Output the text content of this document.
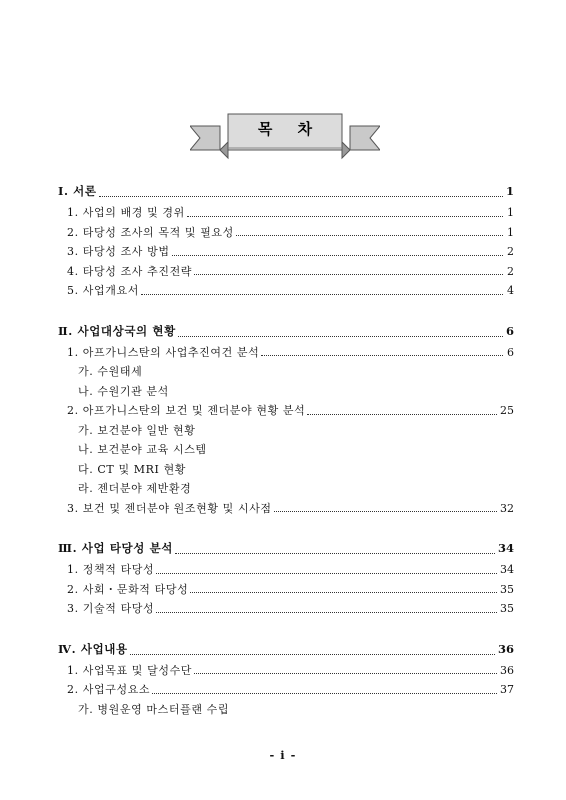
목 차
Ⅰ. 서론	1
1. 사업의 배경 및 경위	1
2. 타당성 조사의 목적 및 필요성	1
3. 타당성 조사 방법	2
4. 타당성 조사 추진전략	2
5. 사업개요서	4
Ⅱ. 사업대상국의 현황	6
1. 아프가니스탄의 사업추진여건 분석	6
가. 수원태세
나. 수원기관 분석
2. 아프가니스탄의 보건 및 젠더분야 현황 분석	25
가. 보건분야 일반 현황
나. 보건분야 교육 시스템
다. CT 및 MRI 현황
라. 젠더분야 제반환경
3. 보건 및 젠더분야 원조현황 및 시사점	32
Ⅲ. 사업 타당성 분석	34
1. 정책적 타당성	34
2. 사회・문화적 타당성	35
3. 기술적 타당성	35
Ⅳ. 사업내용	36
1. 사업목표 및 달성수단	36
2. 사업구성요소	37
가. 병원운영 마스터플랜 수립
- i -
